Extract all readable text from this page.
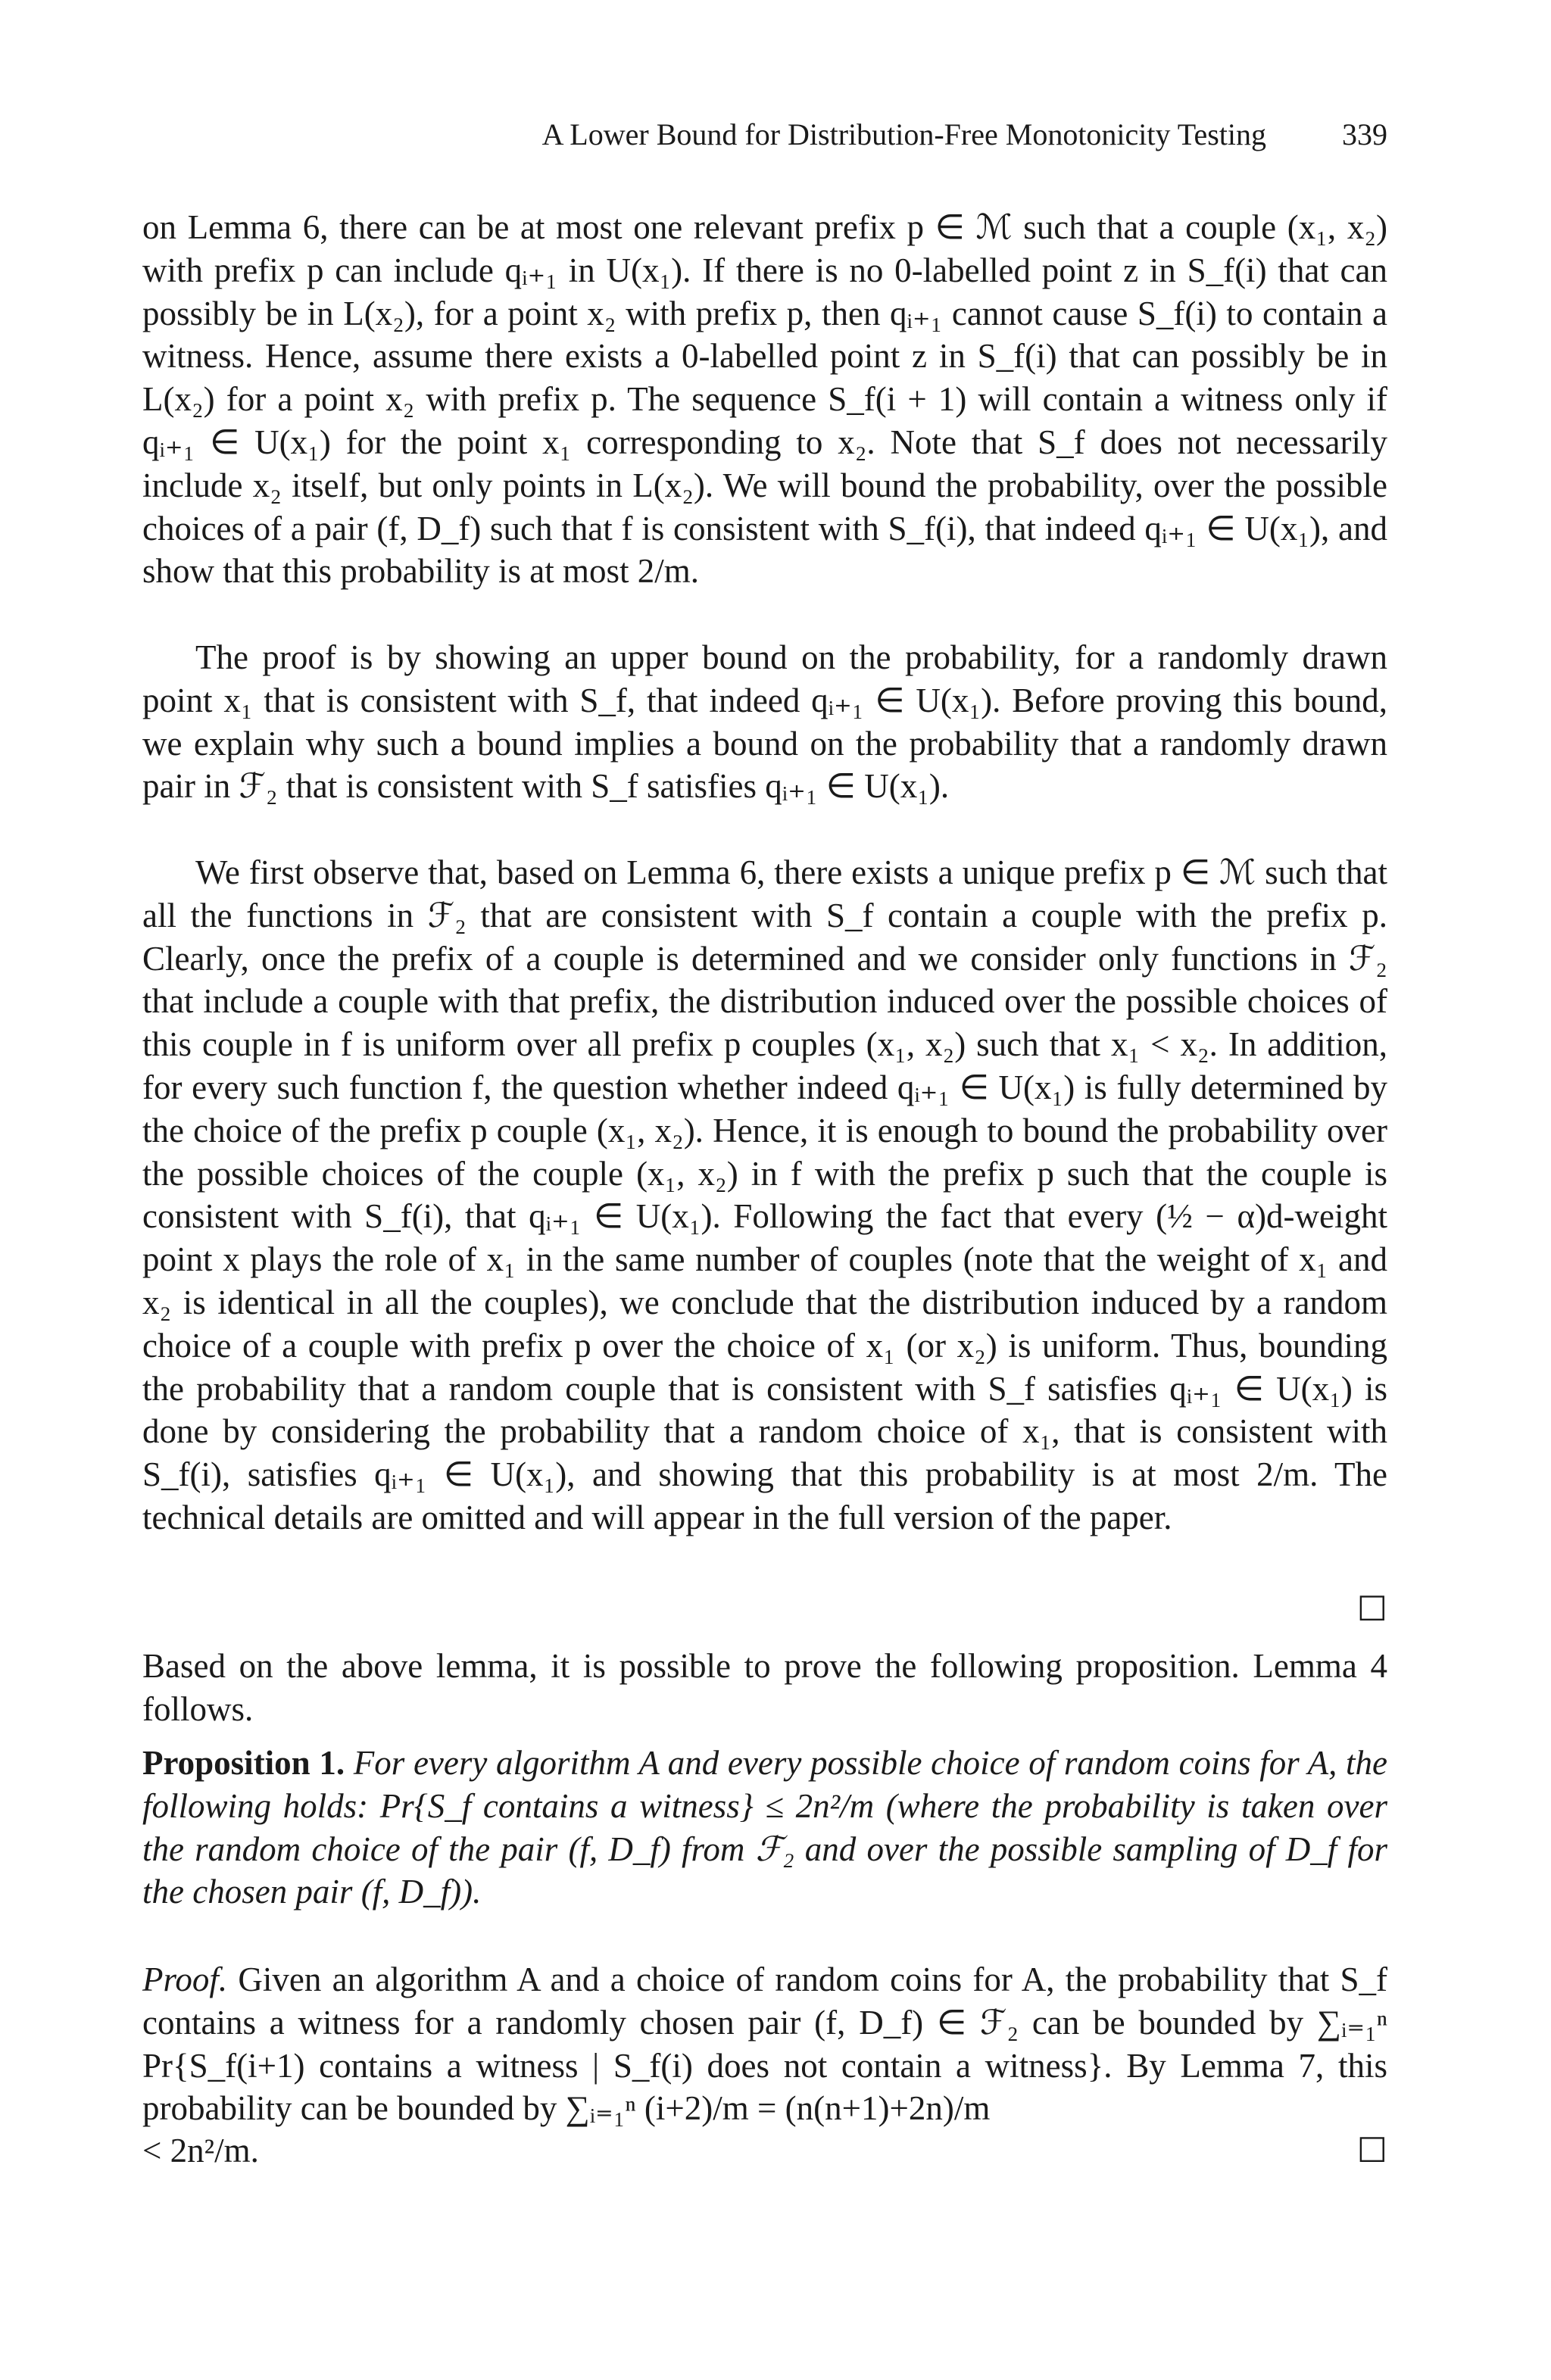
A Lower Bound for Distribution-Free Monotonicity Testing	339

on Lemma 6, there can be at most one relevant prefix p ∈ ℳ such that a couple (x₁, x₂) with prefix p can include qᵢ₊₁ in U(x₁). If there is no 0-labelled point z in S_f(i) that can possibly be in L(x₂), for a point x₂ with prefix p, then qᵢ₊₁ cannot cause S_f(i) to contain a witness. Hence, assume there exists a 0-labelled point z in S_f(i) that can possibly be in L(x₂) for a point x₂ with prefix p. The sequence S_f(i + 1) will contain a witness only if qᵢ₊₁ ∈ U(x₁) for the point x₁ corresponding to x₂. Note that S_f does not necessarily include x₂ itself, but only points in L(x₂). We will bound the probability, over the possible choices of a pair (f, D_f) such that f is consistent with S_f(i), that indeed qᵢ₊₁ ∈ U(x₁), and show that this probability is at most 2/m.

The proof is by showing an upper bound on the probability, for a randomly drawn point x₁ that is consistent with S_f, that indeed qᵢ₊₁ ∈ U(x₁). Before proving this bound, we explain why such a bound implies a bound on the probability that a randomly drawn pair in ℱ₂ that is consistent with S_f satisfies qᵢ₊₁ ∈ U(x₁).

We first observe that, based on Lemma 6, there exists a unique prefix p ∈ ℳ such that all the functions in ℱ₂ that are consistent with S_f contain a couple with the prefix p. Clearly, once the prefix of a couple is determined and we consider only functions in ℱ₂ that include a couple with that prefix, the distribution induced over the possible choices of this couple in f is uniform over all prefix p couples (x₁, x₂) such that x₁ < x₂. In addition, for every such function f, the question whether indeed qᵢ₊₁ ∈ U(x₁) is fully determined by the choice of the prefix p couple (x₁, x₂). Hence, it is enough to bound the probability over the possible choices of the couple (x₁, x₂) in f with the prefix p such that the couple is consistent with S_f(i), that qᵢ₊₁ ∈ U(x₁). Following the fact that every (½ − α)d-weight point x plays the role of x₁ in the same number of couples (note that the weight of x₁ and x₂ is identical in all the couples), we conclude that the distribution induced by a random choice of a couple with prefix p over the choice of x₁ (or x₂) is uniform. Thus, bounding the probability that a random couple that is consistent with S_f satisfies qᵢ₊₁ ∈ U(x₁) is done by considering the probability that a random choice of x₁, that is consistent with S_f(i), satisfies qᵢ₊₁ ∈ U(x₁), and showing that this probability is at most 2/m. The technical details are omitted and will appear in the full version of the paper.
☐

Based on the above lemma, it is possible to prove the following proposition. Lemma 4 follows.

Proposition 1. For every algorithm A and every possible choice of random coins for A, the following holds: Pr{S_f contains a witness} ≤ 2n²/m (where the probability is taken over the random choice of the pair (f, D_f) from ℱ₂ and over the possible sampling of D_f for the chosen pair (f, D_f)).

Proof. Given an algorithm A and a choice of random coins for A, the probability that S_f contains a witness for a randomly chosen pair (f, D_f) ∈ ℱ₂ can be bounded by ∑ᵢ₌₁ⁿ Pr{S_f(i+1) contains a witness | S_f(i) does not contain a witness}. By Lemma 7, this probability can be bounded by ∑ᵢ₌₁ⁿ (i+2)/m = (n(n+1)+2n)/m

< 2n²/m.	☐
